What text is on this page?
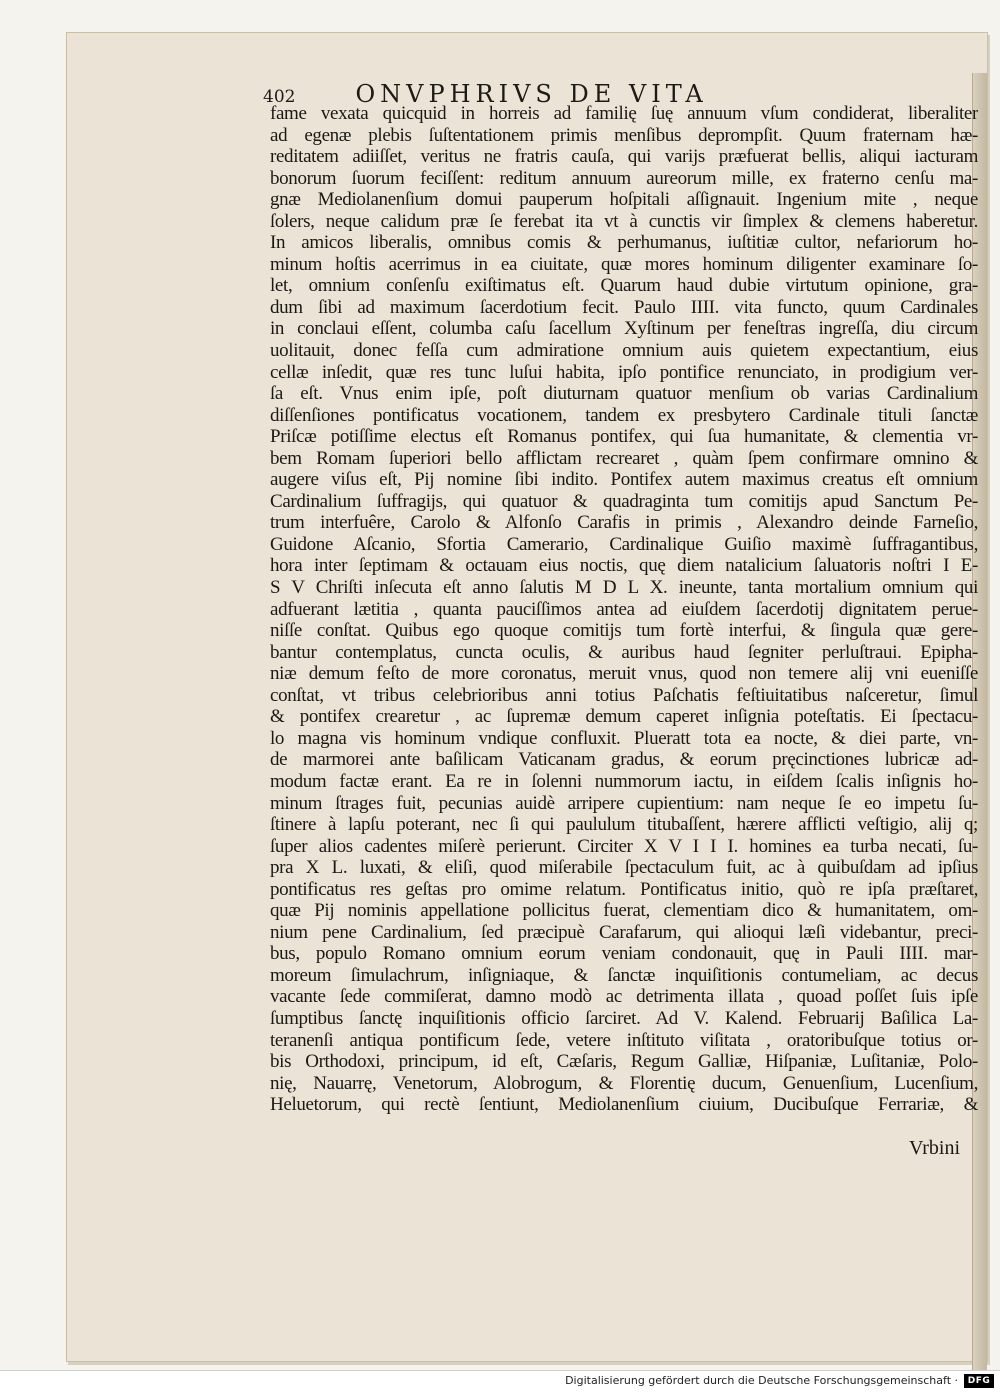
402	ONVPHRIVS DE VITA
fame vexata quicquid in horreis ad familię ſuę annuum vſum condiderat, liberaliter
ad egenæ plebis ſuſtentationem primis menſibus deprompſit. Quum fraternam hæ-
reditatem adiiſſet, veritus ne fratris cauſa, qui varijs præfuerat bellis, aliqui iacturam
bonorum ſuorum feciſſent: reditum annuum aureorum mille, ex fraterno cenſu ma-
gnæ Mediolanenſium domui pauperum hoſpitali aſſignauit. Ingenium mite , neque
ſolers, neque calidum præ ſe ferebat ita vt à cunctis vir ſimplex & clemens haberetur.
In amicos liberalis, omnibus comis & perhumanus, iuſtitiæ cultor, nefariorum ho-
minum hoſtis acerrimus in ea ciuitate, quæ mores hominum diligenter examinare ſo-
let, omnium conſenſu exiſtimatus eſt. Quarum haud dubie virtutum opinione, gra-
dum ſibi ad maximum ſacerdotium fecit. Paulo IIII. vita functo, quum Cardinales
in conclaui eſſent, columba caſu ſacellum Xyſtinum per feneſtras ingreſſa, diu circum
uolitauit, donec feſſa cum admiratione omnium auis quietem expectantium, eius
cellæ inſedit, quæ res tunc luſui habita, ipſo pontifice renunciato, in prodigium ver-
ſa eſt. Vnus enim ipſe, poſt diuturnam quatuor menſium ob varias Cardinalium
diſſenſiones pontificatus vocationem, tandem ex presbytero Cardinale tituli ſanctæ
Priſcæ potiſſime electus eſt Romanus pontifex, qui ſua humanitate, & clementia vr-
bem Romam ſuperiori bello afflictam recrearet , quàm ſpem confirmare omnino &
augere viſus eſt, Pij nomine ſibi indito. Pontifex autem maximus creatus eſt omnium
Cardinalium ſuffragijs, qui quatuor & quadraginta tum comitijs apud Sanctum Pe-
trum interfuêre, Carolo & Alfonſo Carafis in primis , Alexandro deinde Farneſio,
Guidone Aſcanio, Sfortia Camerario, Cardinalique Guiſio maximè ſuffragantibus,
hora inter ſeptimam & octauam eius noctis, quę diem natalicium ſaluatoris noſtri I E-
S V Chriſti inſecuta eſt anno ſalutis M D L X. ineunte, tanta mortalium omnium qui
adfuerant lætitia , quanta pauciſſimos antea ad eiuſdem ſacerdotij dignitatem perue-
niſſe conſtat. Quibus ego quoque comitijs tum fortè interfui, & ſingula quæ gere-
bantur contemplatus, cuncta oculis, & auribus haud ſegniter perluſtraui. Epipha-
niæ demum feſto de more coronatus, meruit vnus, quod non temere alij vni eueniſſe
conſtat, vt tribus celebrioribus anni totius Paſchatis feſtiuitatibus naſceretur, ſimul
& pontifex crearetur , ac ſupremæ demum caperet inſignia poteſtatis. Ei ſpectacu-
lo magna vis hominum vndique confluxit. Plueratt tota ea nocte, & diei parte, vn-
de marmorei ante baſilicam Vaticanam gradus, & eorum pręcinctiones lubricæ ad-
modum factæ erant. Ea re in ſolenni nummorum iactu, in eiſdem ſcalis inſignis ho-
minum ſtrages fuit, pecunias auidè arripere cupientium: nam neque ſe eo impetu ſu-
ſtinere à lapſu poterant, nec ſi qui paululum titubaſſent, hærere afflicti veſtigio, alij q;
ſuper alios cadentes miſerè perierunt. Circiter X V I I I. homines ea turba necati, ſu-
pra X L. luxati, & eliſi, quod miſerabile ſpectaculum fuit, ac à quibuſdam ad ipſius
pontificatus res geſtas pro omime relatum. Pontificatus initio, quò re ipſa præſtaret,
quæ Pij nominis appellatione pollicitus fuerat, clementiam dico & humanitatem, om-
nium pene Cardinalium, ſed præcipuè Carafarum, qui alioqui læſi videbantur, preci-
bus, populo Romano omnium eorum veniam condonauit, quę in Pauli IIII. mar-
moreum ſimulachrum, inſigniaque, & ſanctæ inquiſitionis contumeliam, ac decus
vacante ſede commiſerat, damno modò ac detrimenta illata , quoad poſſet ſuis ipſe
ſumptibus ſanctę inquiſitionis officio ſarciret. Ad V. Kalend. Februarij Baſilica La-
teranenſi antiqua pontificum ſede, vetere inſtituto viſitata , oratoribuſque totius or-
bis Orthodoxi, principum, id eſt, Cæſaris, Regum Galliæ, Hiſpaniæ, Luſitaniæ, Polo-
nię, Nauarrę, Venetorum, Alobrogum, & Florentię ducum, Genuenſium, Lucenſium,
Heluetorum, qui rectè ſentiunt, Mediolanenſium ciuium, Ducibuſque Ferrariæ, &
Vrbini
Digitalisierung gefördert durch die Deutsche Forschungsgemeinschaft ·	DFG
